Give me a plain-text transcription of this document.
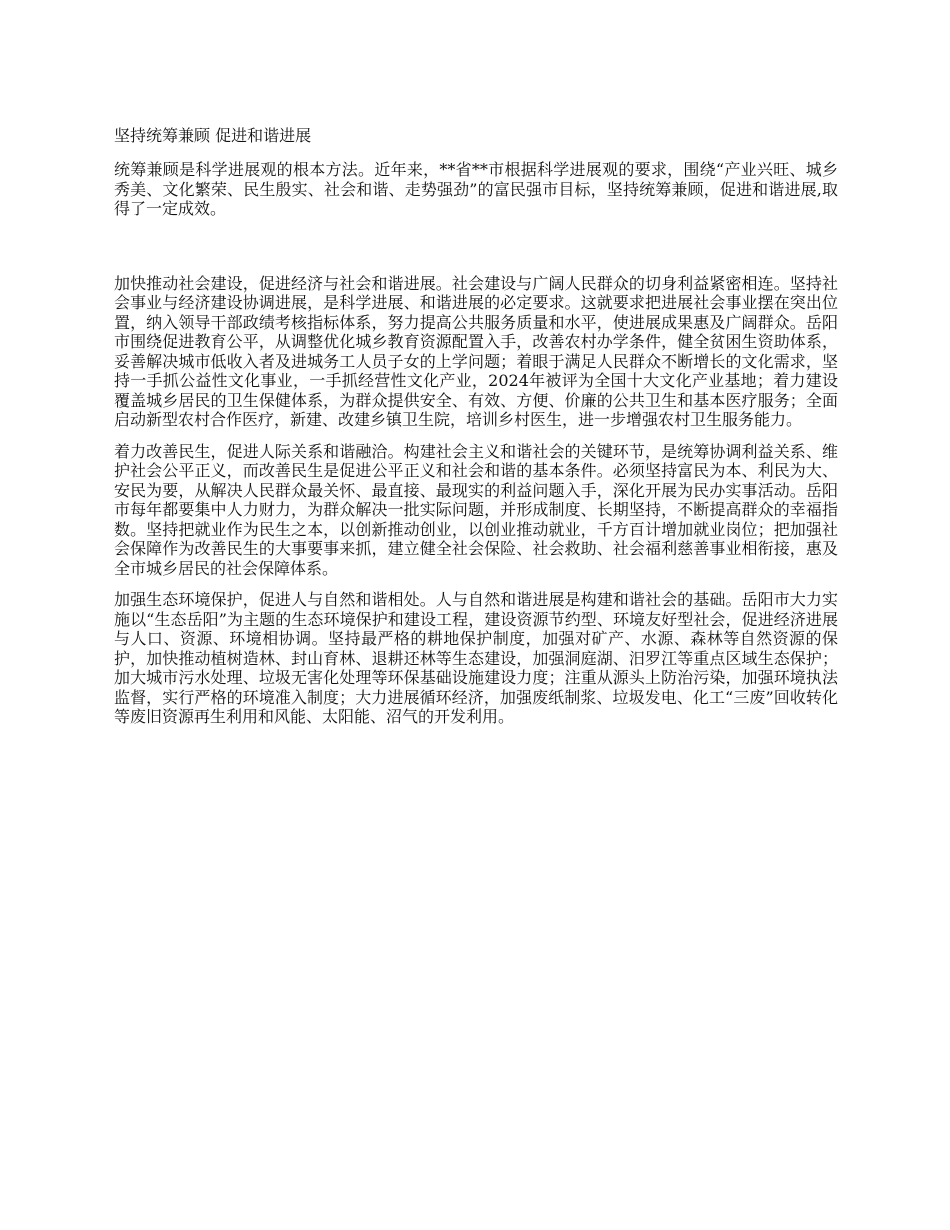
坚持统筹兼顾 促进和谐进展

统筹兼顾是科学进展观的根本方法。近年来，**省**市根据科学进展观的要求，围绕“产业兴旺、城乡秀美、文化繁荣、民生殷实、社会和谐、走势强劲”的富民强市目标，坚持统筹兼顾，促进和谐进展,取得了一定成效。

加快推动社会建设，促进经济与社会和谐进展。社会建设与广阔人民群众的切身利益紧密相连。坚持社会事业与经济建设协调进展，是科学进展、和谐进展的必定要求。这就要求把进展社会事业摆在突出位置，纳入领导干部政绩考核指标体系，努力提高公共服务质量和水平，使进展成果惠及广阔群众。岳阳市围绕促进教育公平，从调整优化城乡教育资源配置入手，改善农村办学条件，健全贫困生资助体系，妥善解决城市低收入者及进城务工人员子女的上学问题；着眼于满足人民群众不断增长的文化需求，坚持一手抓公益性文化事业，一手抓经营性文化产业，2024年被评为全国十大文化产业基地；着力建设覆盖城乡居民的卫生保健体系，为群众提供安全、有效、方便、价廉的公共卫生和基本医疗服务；全面启动新型农村合作医疗，新建、改建乡镇卫生院，培训乡村医生，进一步增强农村卫生服务能力。

着力改善民生，促进人际关系和谐融洽。构建社会主义和谐社会的关键环节，是统筹协调利益关系、维护社会公平正义，而改善民生是促进公平正义和社会和谐的基本条件。必须坚持富民为本、利民为大、安民为要，从解决人民群众最关怀、最直接、最现实的利益问题入手，深化开展为民办实事活动。岳阳市每年都要集中人力财力，为群众解决一批实际问题，并形成制度、长期坚持，不断提高群众的幸福指数。坚持把就业作为民生之本，以创新推动创业，以创业推动就业，千方百计增加就业岗位；把加强社会保障作为改善民生的大事要事来抓，建立健全社会保险、社会救助、社会福利慈善事业相衔接，惠及全市城乡居民的社会保障体系。

加强生态环境保护，促进人与自然和谐相处。人与自然和谐进展是构建和谐社会的基础。岳阳市大力实施以“生态岳阳”为主题的生态环境保护和建设工程，建设资源节约型、环境友好型社会，促进经济进展与人口、资源、环境相协调。坚持最严格的耕地保护制度，加强对矿产、水源、森林等自然资源的保护，加快推动植树造林、封山育林、退耕还林等生态建设，加强洞庭湖、汨罗江等重点区域生态保护；加大城市污水处理、垃圾无害化处理等环保基础设施建设力度；注重从源头上防治污染，加强环境执法监督，实行严格的环境准入制度；大力进展循环经济，加强废纸制浆、垃圾发电、化工“三废”回收转化等废旧资源再生利用和风能、太阳能、沼气的开发利用。
